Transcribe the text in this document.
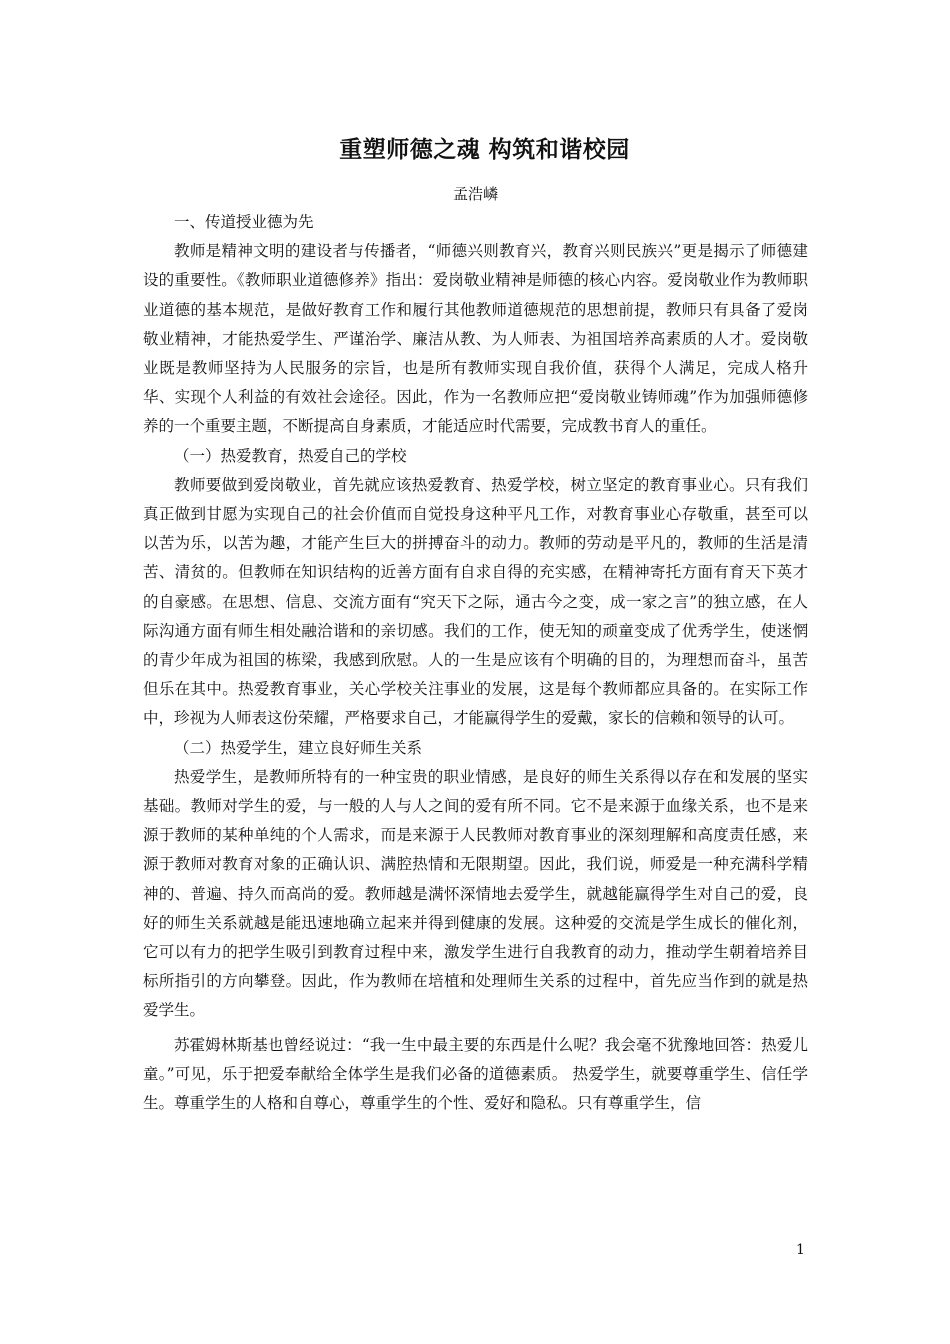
重塑师德之魂 构筑和谐校园
孟浩嶙

一、传道授业德为先

教师是精神文明的建设者与传播者，“师德兴则教育兴，教育兴则民族兴”更是揭示了师德建设的重要性。《教师职业道德修养》指出：爱岗敬业精神是师德的核心内容。爱岗敬业作为教师职业道德的基本规范，是做好教育工作和履行其他教师道德规范的思想前提，教师只有具备了爱岗敬业精神，才能热爱学生、严谨治学、廉洁从教、为人师表、为祖国培养高素质的人才。爱岗敬业既是教师坚持为人民服务的宗旨，也是所有教师实现自我价值，获得个人满足，完成人格升华、实现个人利益的有效社会途径。因此，作为一名教师应把“爱岗敬业铸师魂”作为加强师德修养的一个重要主题，不断提高自身素质，才能适应时代需要，完成教书育人的重任。

（一）热爱教育，热爱自己的学校

教师要做到爱岗敬业，首先就应该热爱教育、热爱学校，树立坚定的教育事业心。只有我们真正做到甘愿为实现自己的社会价值而自觉投身这种平凡工作，对教育事业心存敬重，甚至可以以苦为乐，以苦为趣，才能产生巨大的拼搏奋斗的动力。教师的劳动是平凡的，教师的生活是清苦、清贫的。但教师在知识结构的近善方面有自求自得的充实感，在精神寄托方面有育天下英才的自豪感。在思想、信息、交流方面有“究天下之际，通古今之变，成一家之言”的独立感，在人际沟通方面有师生相处融洽谐和的亲切感。我们的工作，使无知的顽童变成了优秀学生，使迷惘的青少年成为祖国的栋梁，我感到欣慰。人的一生是应该有个明确的目的，为理想而奋斗，虽苦但乐在其中。热爱教育事业，关心学校关注事业的发展，这是每个教师都应具备的。在实际工作中，珍视为人师表这份荣耀，严格要求自己，才能赢得学生的爱戴，家长的信赖和领导的认可。

（二）热爱学生，建立良好师生关系

热爱学生，是教师所特有的一种宝贵的职业情感，是良好的师生关系得以存在和发展的坚实基础。教师对学生的爱，与一般的人与人之间的爱有所不同。它不是来源于血缘关系，也不是来源于教师的某种单纯的个人需求，而是来源于人民教师对教育事业的深刻理解和高度责任感，来源于教师对教育对象的正确认识、满腔热情和无限期望。因此，我们说，师爱是一种充满科学精神的、普遍、持久而高尚的爱。教师越是满怀深情地去爱学生，就越能赢得学生对自己的爱，良好的师生关系就越是能迅速地确立起来并得到健康的发展。这种爱的交流是学生成长的催化剂，它可以有力的把学生吸引到教育过程中来，激发学生进行自我教育的动力，推动学生朝着培养目标所指引的方向攀登。因此，作为教师在培植和处理师生关系的过程中，首先应当作到的就是热爱学生。

苏霍姆林斯基也曾经说过：“我一生中最主要的东西是什么呢？我会毫不犹豫地回答：热爱儿童。”可见，乐于把爱奉献给全体学生是我们必备的道德素质。 热爱学生，就要尊重学生、信任学生。尊重学生的人格和自尊心，尊重学生的个性、爱好和隐私。只有尊重学生，信

1
